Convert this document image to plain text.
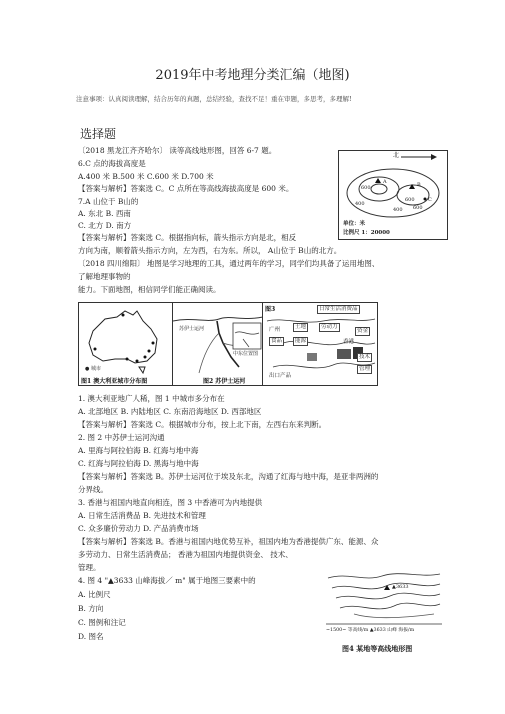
2019年中考地理分类汇编（地图)
注意事项：认真阅读理解，结合历年的真题，总结经验，查找不足！重在审题，多思考，多理解!
选择题
〔2018 黑龙江齐齐哈尔〕 读等高线地形图，回答 6-7 题。
6.C 点的海拔高度是
A.400 米 B.500 米 C.600 米 D.700 米
【答案与解析】答案选 C。C 点所在等高线海拔高度是 600 米。
7.A 山位于 B山的
A. 东北 B. 西南
C. 北方 D. 南方
【答案与解析】答案选 C。根据指向标，箭头指示方向是北，相反
方向为南，顺着箭头指示方向，左为西，右为东。所以， A山位于 B山的北方。
北
A	B
C
600
400
400
600
600
单位：米
比例尺 1：20000
〔2018 四川绵阳〕 地图是学习地理的工具，通过两年的学习，同学们均具备了运用地图、
了解地理事物的
能力。下面地图，相信同学们能正确阅读。
● 城市
图1 澳大利亚城市分布图
苏伊士运河
中东位置图
图2 苏伊士运河
图3	日常生活消费品
土地	劳动力
广州
食品	能源	香港
资金
技术
管理
出口产品
1. 澳大利亚地广人稀，图 1 中城市多分布在
A. 北部地区 B. 内陆地区 C. 东南沿海地区 D. 西部地区
【答案与解析】答案选 C。根据城市分布，按上北下南，左西右东来判断。
2. 图 2 中苏伊士运河沟通
A. 里海与阿拉伯海 B. 红海与地中海
C. 红海与阿拉伯海 D. 黑海与地中海
【答案与解析】答案选 B。苏伊士运河位于埃及东北，沟通了红海与地中海，是亚非两洲的
分界线。
3. 香港与祖国内地直向相连，图 3 中香港可为内地提供
A. 日常生活消费品 B. 先进技术和管理
C. 众多廉价劳动力 D. 产品消费市场
【答案与解析】答案选 B。香港与祖国内地优势互补，祖国内地为香港提供广东、能源、众
多劳动力、日常生活消费品； 香港为祖国内地提供资金、 技术、
管理。
4. 图 4 "▲3633 山峰海拔／ m" 属于地图三要素中的
A. 比例尺
B. 方向
C. 图例和注记
D. 图名
▲3633
~1500~ 等高线/m ▲3633 山峰 海拔/m
图4 某地等高线地形图
